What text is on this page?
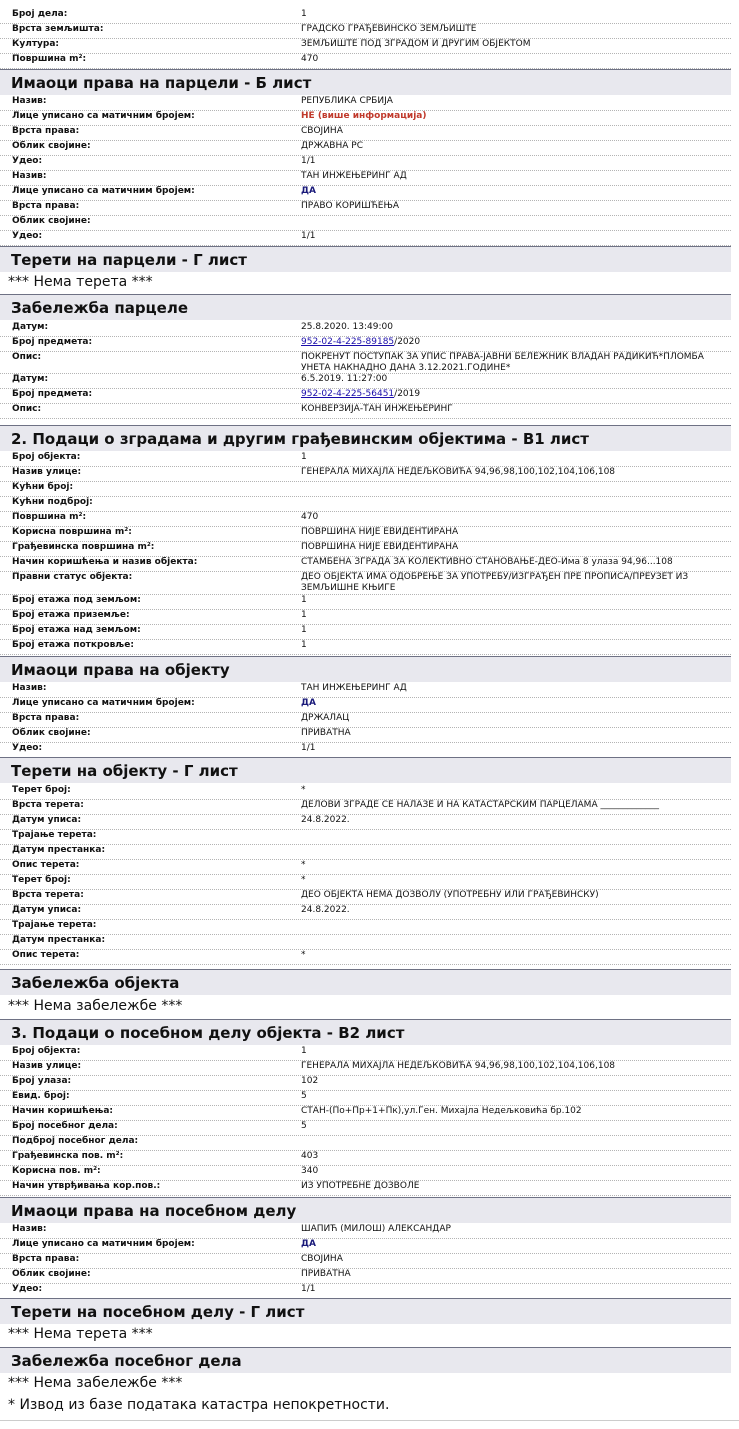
Број дела:	1
Врста земљишта:	ГРАДСКО ГРАЂЕВИНСКО ЗЕМЉИШТЕ
Култура:	ЗЕМЉИШТЕ ПОД ЗГРАДОМ И ДРУГИМ ОБЈЕКТОМ
Површина m²:	470
Назив:	РЕПУБЛИКА СРБИЈА
Лице уписано са матичним бројем:	НЕ (више информација)
Врста права:	СВОЈИНА
Облик својине:	ДРЖАВНА РС
Удео:	1/1
Назив:	ТАН ИНЖЕЊЕРИНГ АД
Лице уписано са матичним бројем:	ДА
Врста права:	ПРАВО КОРИШЋЕЊА
Облик својине:
Удео:	1/1
Датум:	25.8.2020. 13:49:00
Број предмета:	952-02-4-225-89185/2020
Опис:	ПОКРЕНУТ ПОСТУПАК ЗА УПИС ПРАВА-ЈАВНИ БЕЛЕЖНИК ВЛАДАН РАДИКИЋ*ПЛОМБА УНЕТА НАКНАДНО ДАНА 3.12.2021.ГОДИНЕ*
Датум:	6.5.2019. 11:27:00
Број предмета:	952-02-4-225-56451/2019
Опис:	КОНВЕРЗИЈА-ТАН ИНЖЕЊЕРИНГ
Број објекта:	1
Назив улице:	ГЕНЕРАЛА МИХАЈЛА НЕДЕЉКОВИЋА 94,96,98,100,102,104,106,108
Кућни број:
Кућни подброј:
Површина m²:	470
Корисна површина m²:	ПОВРШИНА НИЈЕ ЕВИДЕНТИРАНА
Грађевинска површина m²:	ПОВРШИНА НИЈЕ ЕВИДЕНТИРАНА
Начин коришћења и назив објекта:	СТАМБЕНА ЗГРАДА ЗА КОЛЕКТИВНО СТАНОВАЊЕ-ДЕО-Има 8 улаза 94,96...108
Правни статус објекта:	ДЕО ОБЈЕКТА ИМА ОДОБРЕЊЕ ЗА УПОТРЕБУ/ИЗГРАЂЕН ПРЕ ПРОПИСА/ПРЕУЗЕТ ИЗ ЗЕМЉИШНЕ КЊИГЕ
Број етажа под земљом:	1
Број етажа приземље:	1
Број етажа над земљом:	1
Број етажа поткровље:	1
Назив:	ТАН ИНЖЕЊЕРИНГ АД
Лице уписано са матичним бројем:	ДА
Врста права:	ДРЖАЛАЦ
Облик својине:	ПРИВАТНА
Удео:	1/1
Терет број:	*
Врста терета:	ДЕЛОВИ ЗГРАДЕ СЕ НАЛАЗЕ И НА КАТАСТАРСКИМ ПАРЦЕЛАМА _____________
Датум уписа:	24.8.2022.
Трајање терета:
Датум престанка:
Опис терета:	*
Терет број:	*
Врста терета:	ДЕО ОБЈЕКТА НЕМА ДОЗВОЛУ (УПОТРЕБНУ ИЛИ ГРАЂЕВИНСКУ)
Датум уписа:	24.8.2022.
Трајање терета:
Датум престанка:
Опис терета:	*
Број објекта:	1
Назив улице:	ГЕНЕРАЛА МИХАЈЛА НЕДЕЉКОВИЋА 94,96,98,100,102,104,106,108
Број улаза:	102
Евид. број:	5
Начин коришћења:	СТАН-(По+Пр+1+Пк),ул.Ген. Михајла Недељковића бр.102
Број посебног дела:	5
Подброј посебног дела:
Грађевинска пов. m²:	403
Корисна пов. m²:	340
Начин утврђивања кор.пов.:	ИЗ УПОТРЕБНЕ ДОЗВОЛЕ
Назив:	ШАПИЋ (МИЛОШ) АЛЕКСАНДАР
Лице уписано са матичним бројем:	ДА
Врста права:	СВОЈИНА
Облик својине:	ПРИВАТНА
Удео:	1/1
Имаоци права на парцели - Б лист
Терети на парцели - Г лист
*** Нема терета ***
Забележба парцеле
2. Подаци о зградама и другим грађевинским објектима - В1 лист
Имаоци права на објекту
Терети на објекту - Г лист
Забележба објекта
*** Нема забележбе ***
3. Подаци о посебном делу објекта - В2 лист
Имаоци права на посебном делу
Терети на посебном делу - Г лист
*** Нема терета ***
Забележба посебног дела
*** Нема забележбе ***
* Извод из базе података катастра непокретности.
